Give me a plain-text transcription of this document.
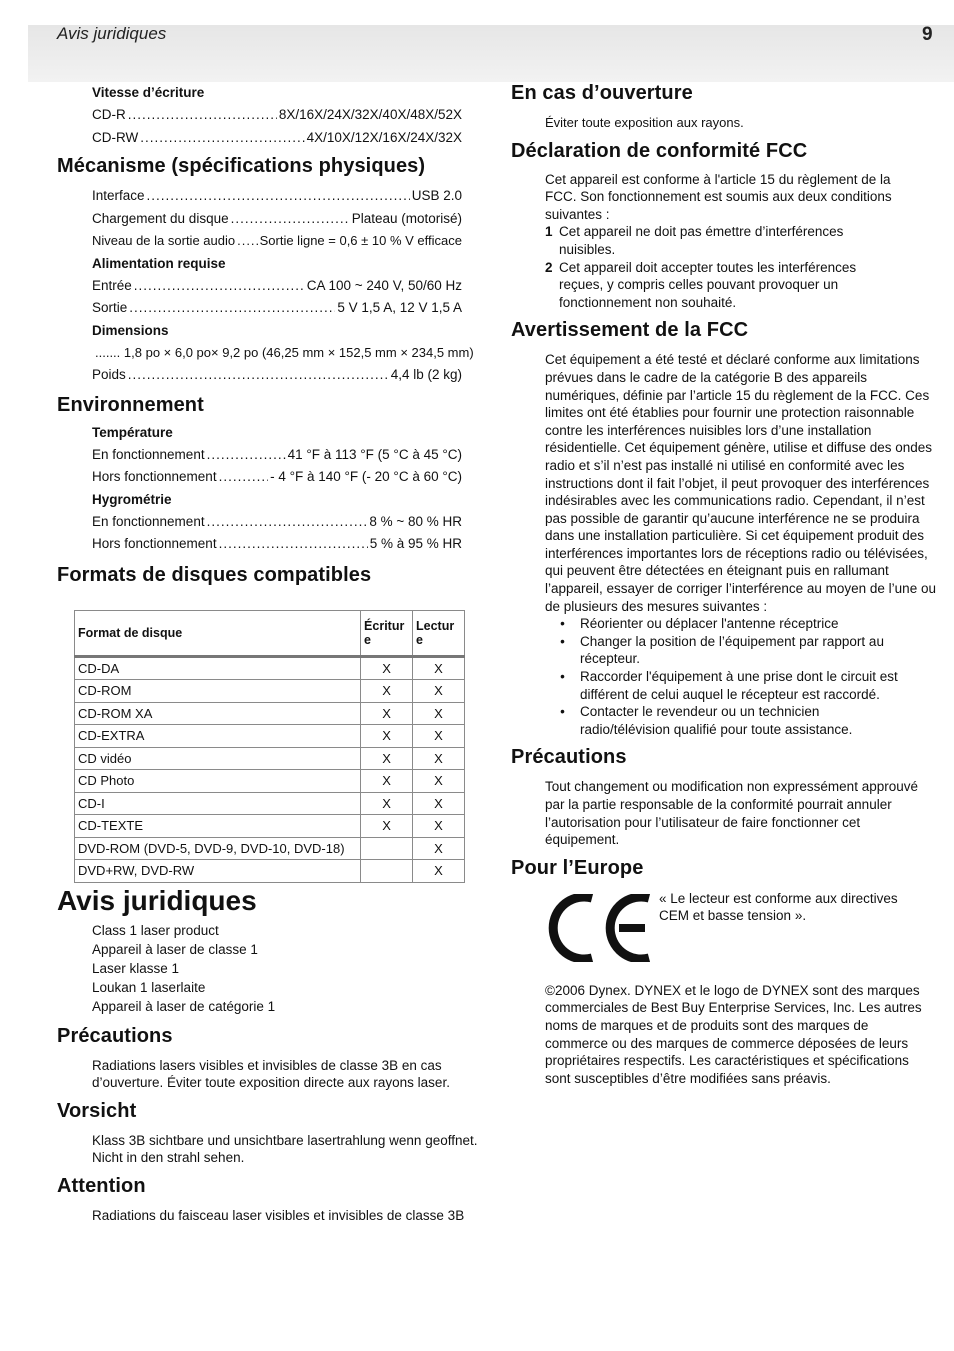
Avis juridiques	9
Vitesse d’écriture
CD-R .....	8X/16X/24X/32X/40X/48X/52X
CD-RW .....	4X/10X/12X/16X/24X/32X
Mécanisme (spécifications physiques)
Interface .....	USB 2.0
Chargement du disque .....	Plateau (motorisé)
Niveau de la sortie audio ..... Sortie ligne = 0,6 ± 10 % V efficace
Alimentation requise
Entrée .....	CA 100 ~ 240 V, 50/60 Hz
Sortie .....	5 V 1,5 A, 12 V 1,5 A
Dimensions
....... 1,8 po × 6,0 po× 9,2 po (46,25 mm × 152,5 mm × 234,5 mm)
Poids .....	4,4 lb (2 kg)
Environnement
Température
En fonctionnement .....	41 °F à 113 °F (5 °C à 45 °C)
Hors fonctionnement .....	- 4 °F à 140 °F (- 20 °C à 60 °C)
Hygrométrie
En fonctionnement .....	8 % ~ 80 % HR
Hors fonctionnement .....	5 % à 95 % HR
Formats de disques compatibles
Format de disque	Écritur e	Lectur e
CD-DA	X	X
CD-ROM	X	X
CD-ROM XA	X	X
CD-EXTRA	X	X
CD vidéo	X	X
CD Photo	X	X
CD-I	X	X
CD-TEXTE	X	X
DVD-ROM (DVD-5, DVD-9, DVD-10, DVD-18)		X
DVD+RW, DVD-RW		X
Avis juridiques
Class 1 laser product
Appareil à laser de classe 1
Laser klasse 1
Loukan 1 laserlaite
Appareil à laser de catégorie 1
Précautions
Radiations lasers visibles et invisibles de classe 3B en cas d’ouverture. Éviter toute exposition directe aux rayons laser.
Vorsicht
Klass 3B sichtbare und unsichtbare lasertrahlung wenn geoffnet. Nicht in den strahl sehen.
Attention
Radiations du faisceau laser visibles et invisibles de classe 3B
En cas d’ouverture
Éviter toute exposition aux rayons.
Déclaration de conformité FCC
Cet appareil est conforme à l'article 15 du règlement de la FCC. Son fonctionnement est soumis aux deux conditions suivantes :
1 Cet appareil ne doit pas émettre d’interférences nuisibles.
2 Cet appareil doit accepter toutes les interférences reçues, y compris celles pouvant provoquer un fonctionnement non souhaité.
Avertissement de la FCC
Cet équipement a été testé et déclaré conforme aux limitations prévues dans le cadre de la catégorie B des appareils numériques, définie par l’article 15 du règlement de la FCC. Ces limites ont été établies pour fournir une protection raisonnable contre les interférences nuisibles lors d’une installation résidentielle. Cet équipement génère, utilise et diffuse des ondes radio et s’il n’est pas installé ni utilisé en conformité avec les instructions dont il fait l’objet, il peut provoquer des interférences indésirables avec les communications radio. Cependant, il n’est pas possible de garantir qu’aucune interférence ne se produira dans une installation particulière. Si cet équipement produit des interférences importantes lors de réceptions radio ou télévisées, qui peuvent être détectées en éteignant puis en rallumant l’appareil, essayer de corriger l’interférence au moyen de l’une ou de plusieurs des mesures suivantes :
•	Réorienter ou déplacer l'antenne réceptrice
•	Changer la position de l’équipement par rapport au récepteur.
•	Raccorder l'équipement à une prise dont le circuit est différent de celui auquel le récepteur est raccordé.
•	Contacter le revendeur ou un technicien radio/télévision qualifié pour toute assistance.
Précautions
Tout changement ou modification non expressément approuvé par la partie responsable de la conformité pourrait annuler l’autorisation pour l’utilisateur de faire fonctionner cet équipement.
Pour l’Europe
« Le lecteur est conforme aux directives CEM et basse tension ».
©2006 Dynex. DYNEX et le logo de DYNEX sont des marques commerciales de Best Buy Enterprise Services, Inc. Les autres noms de marques et de produits sont des marques de commerce ou des marques de commerce déposées de leurs propriétaires respectifs. Les caractéristiques et spécifications sont susceptibles d’être modifiées sans préavis.
